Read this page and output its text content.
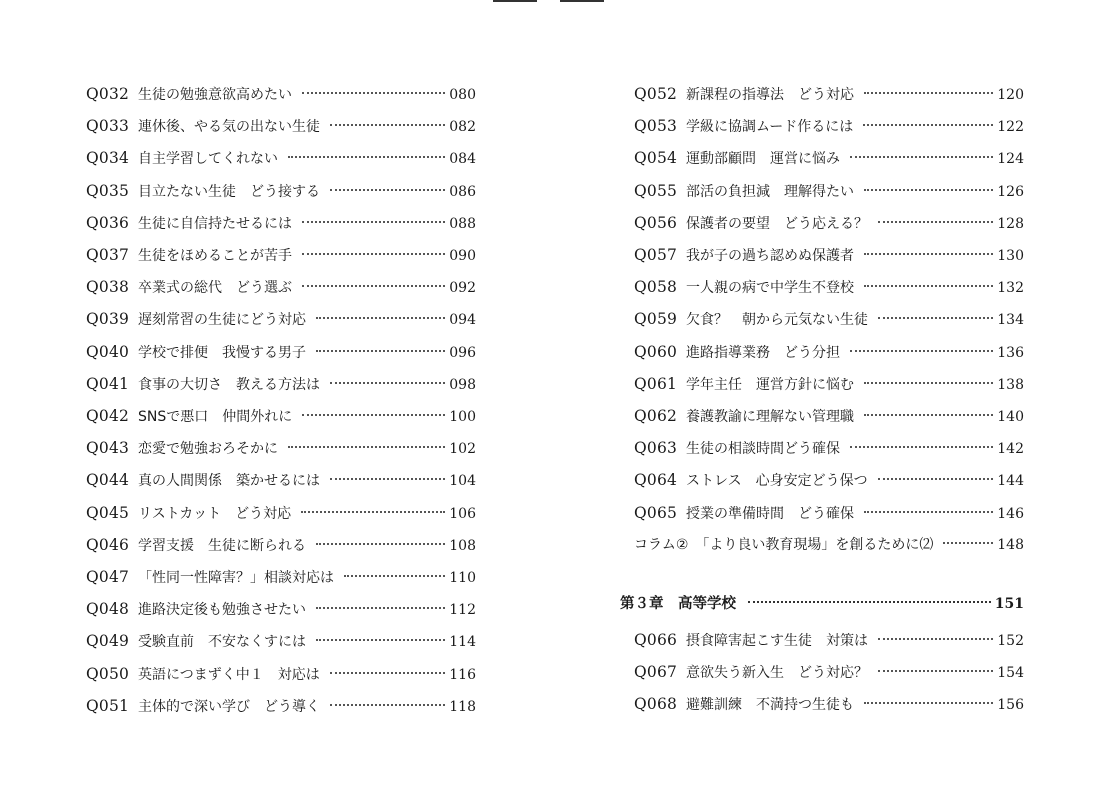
Q032 生徒の勉強意欲高めたい	080
Q033 連休後、やる気の出ない生徒	082
Q034 自主学習してくれない	084
Q035 目立たない生徒　どう接する	086
Q036 生徒に自信持たせるには	088
Q037 生徒をほめることが苦手	090
Q038 卒業式の総代　どう選ぶ	092
Q039 遅刻常習の生徒にどう対応	094
Q040 学校で排便　我慢する男子	096
Q041 食事の大切さ　教える方法は	098
Q042 SNSで悪口　仲間外れに	100
Q043 恋愛で勉強おろそかに	102
Q044 真の人間関係　築かせるには	104
Q045 リストカット　どう対応	106
Q046 学習支援　生徒に断られる	108
Q047 「性同一性障害？」相談対応は	110
Q048 進路決定後も勉強させたい	112
Q049 受験直前　不安なくすには	114
Q050 英語につまずく中１　対応は	116
Q051 主体的で深い学び　どう導く	118
Q052 新課程の指導法　どう対応	120
Q053 学級に協調ムード作るには	122
Q054 運動部顧問　運営に悩み	124
Q055 部活の負担減　理解得たい	126
Q056 保護者の要望　どう応える？	128
Q057 我が子の過ち認めぬ保護者	130
Q058 一人親の病で中学生不登校	132
Q059 欠食？　朝から元気ない生徒	134
Q060 進路指導業務　どう分担	136
Q061 学年主任　運営方針に悩む	138
Q062 養護教諭に理解ない管理職	140
Q063 生徒の相談時間どう確保	142
Q064 ストレス　心身安定どう保つ	144
Q065 授業の準備時間　どう確保	146
コラム②　「より良い教育現場」を創るために⑵	148
第３章　高等学校	151
Q066 摂食障害起こす生徒　対策は	152
Q067 意欲失う新入生　どう対応？	154
Q068 避難訓練　不満持つ生徒も	156
